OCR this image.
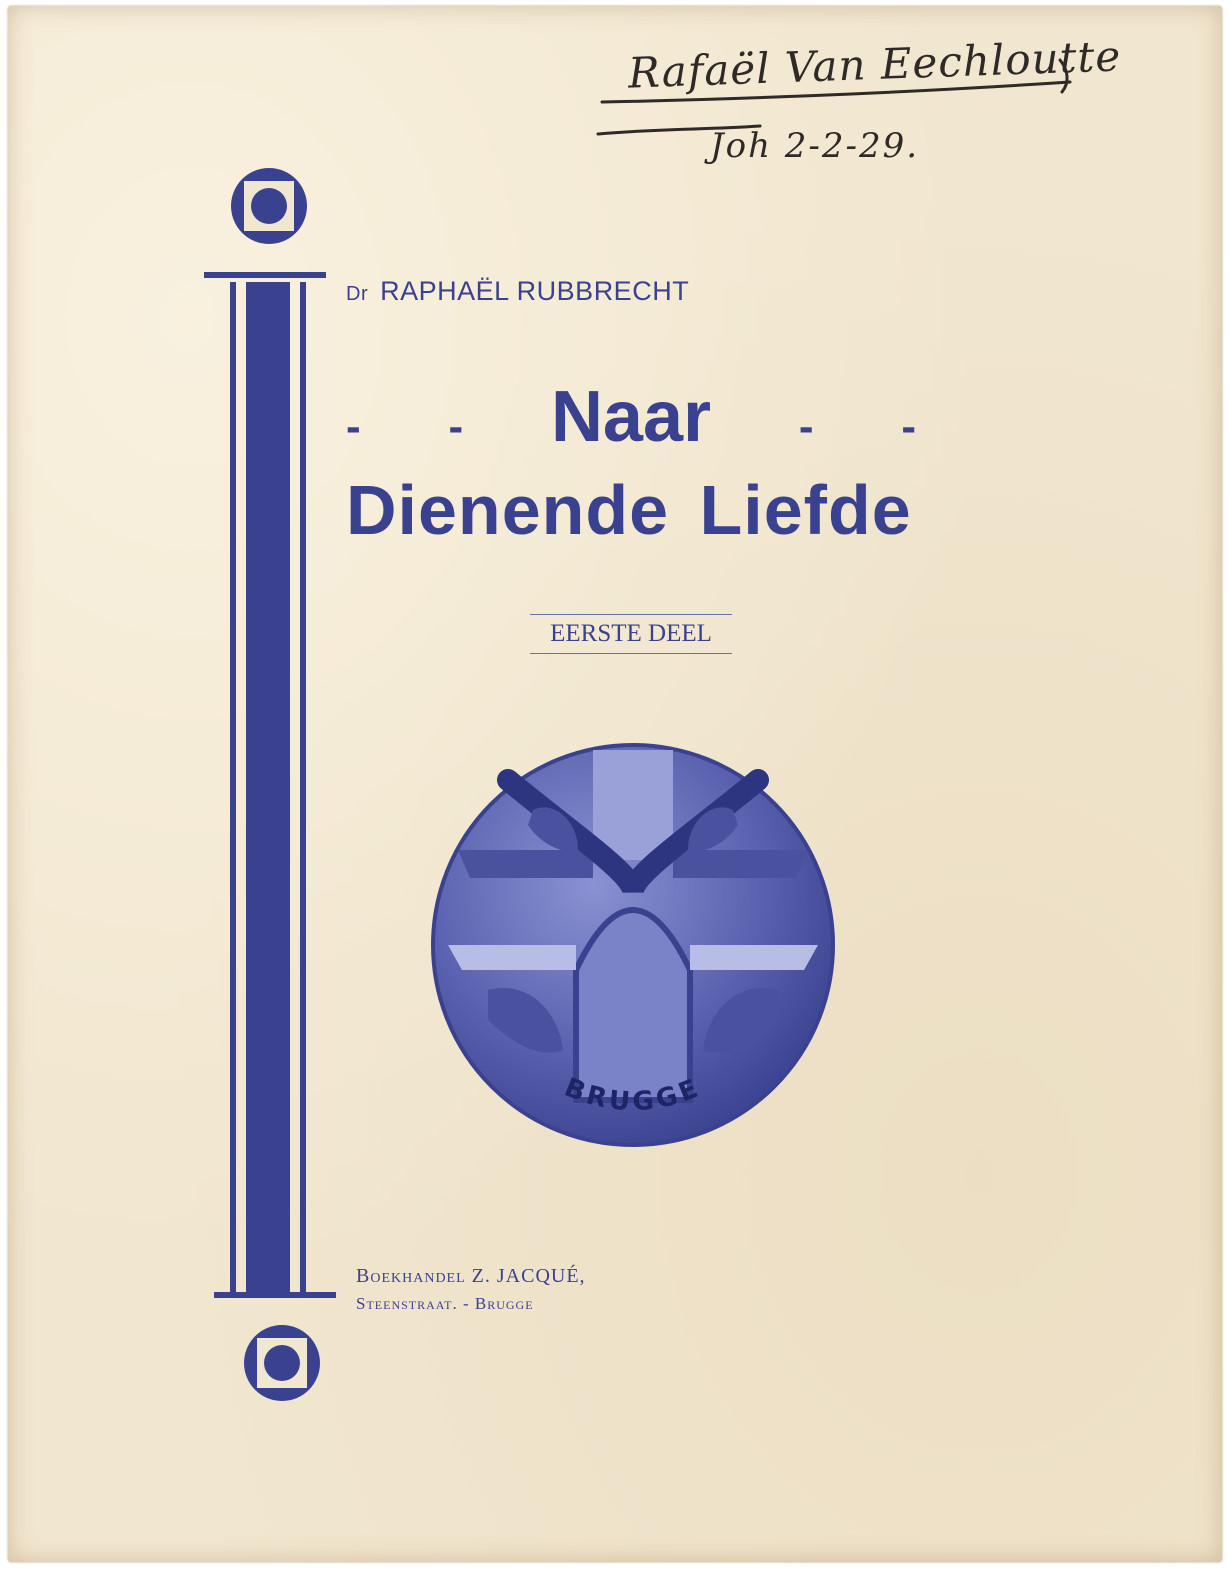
Rafaël Van Eechloutte
Joh 2-2-29.
Dr RAPHAËL RUBBRECHT
- - Naar - -
Dienende Liefde
EERSTE DEEL
BRUGGE
Boekhandel Z. JACQUÉ,
Steenstraat. - Brugge
